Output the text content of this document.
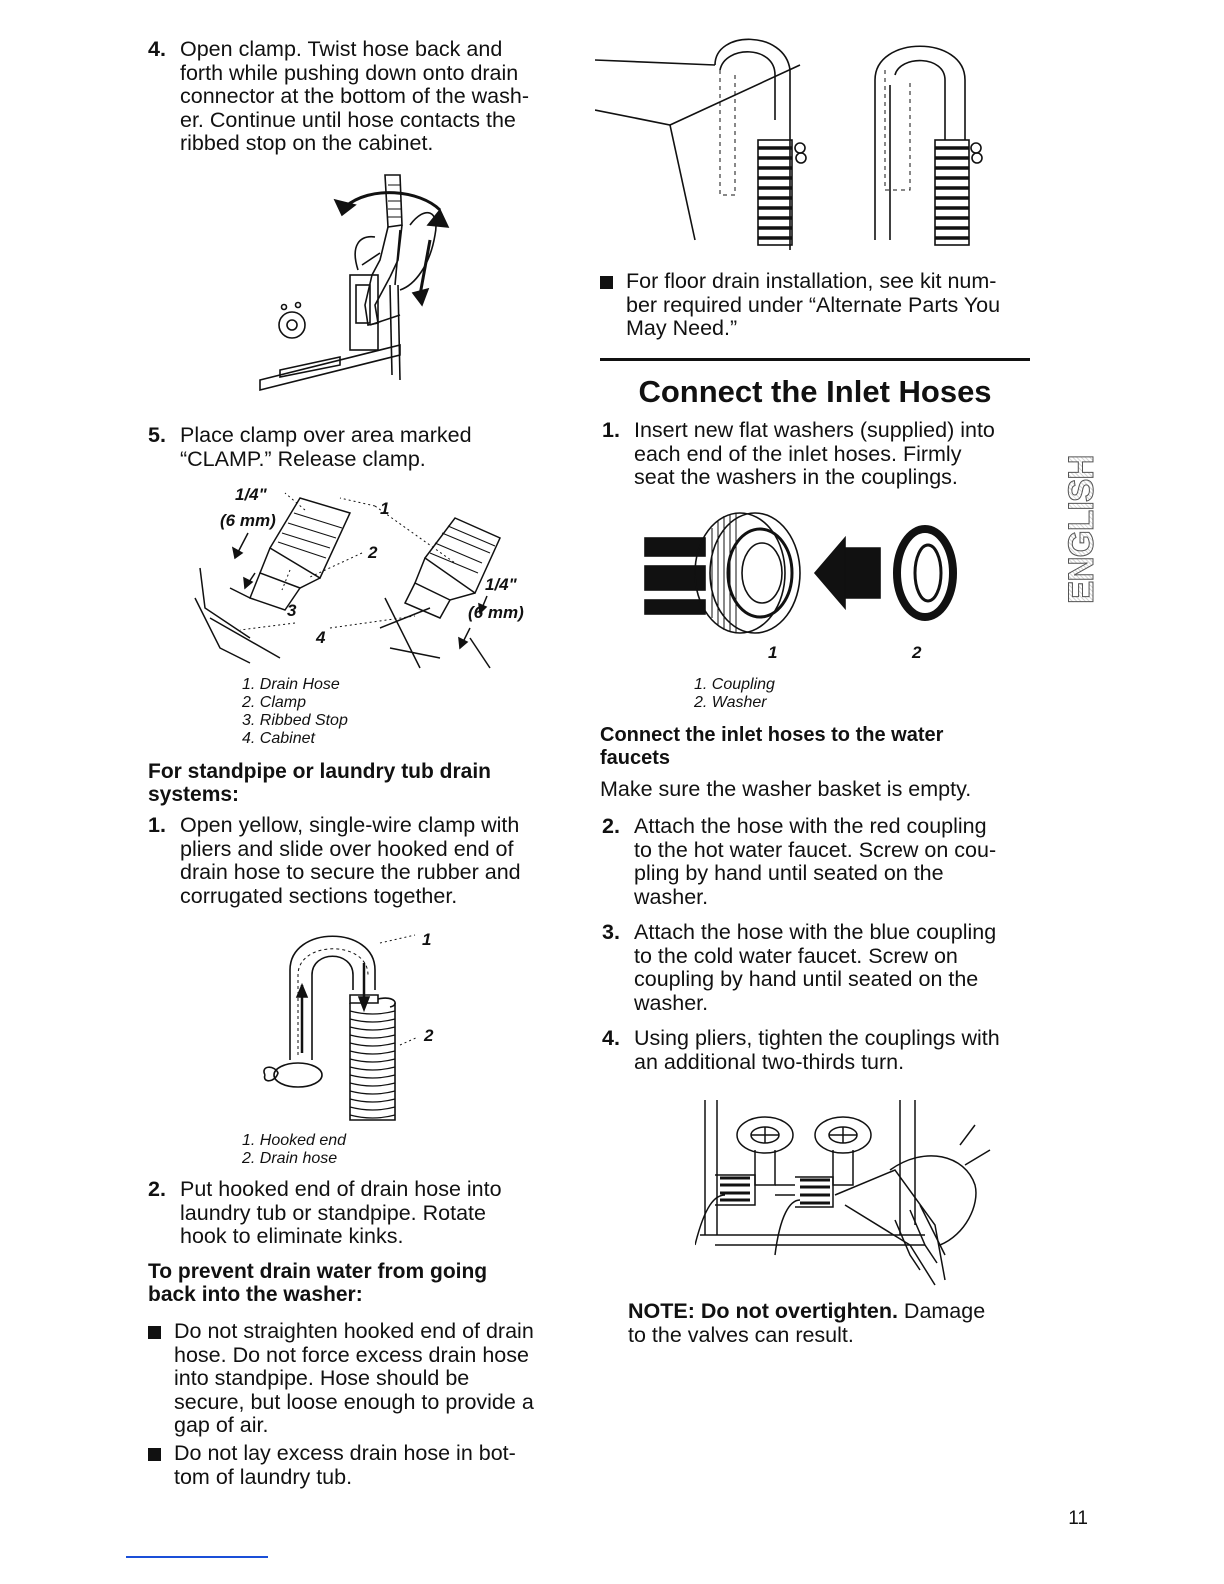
4. Open clamp. Twist hose back and
forth while pushing down onto drain
connector at the bottom of the wash-
er. Continue until hose contacts the
ribbed stop on the cabinet.
5. Place clamp over area marked
“CLAMP.” Release clamp.
1/4"
(6 mm)
1/4"
(6 mm)
1
2
3
4
1. Drain Hose
2. Clamp
3. Ribbed Stop
4. Cabinet
For standpipe or laundry tub drain
systems:
1. Open yellow, single-wire clamp with
pliers and slide over hooked end of
drain hose to secure the rubber and
corrugated sections together.
1
2
1. Hooked end
2. Drain hose
2. Put hooked end of drain hose into
laundry tub or standpipe. Rotate
hook to eliminate kinks.
To prevent drain water from going
back into the washer:
Do not straighten hooked end of drain
hose. Do not force excess drain hose
into standpipe. Hose should be
secure, but loose enough to provide a
gap of air.
Do not lay excess drain hose in bot-
tom of laundry tub.
For floor drain installation, see kit num-
ber required under “Alternate Parts You
May Need.”
Connect the Inlet Hoses
1. Insert new flat washers (supplied) into
each end of the inlet hoses. Firmly
seat the washers in the couplings.
1	2
1. Coupling
2. Washer
Connect the inlet hoses to the water
faucets
Make sure the washer basket is empty.
2. Attach the hose with the red coupling
to the hot water faucet. Screw on cou-
pling by hand until seated on the
washer.
3. Attach the hose with the blue coupling
to the cold water faucet. Screw on
coupling by hand until seated on the
washer.
4. Using pliers, tighten the couplings with
an additional two-thirds turn.
NOTE: Do not overtighten. Damage
to the valves can result.
ENGLISH
11
